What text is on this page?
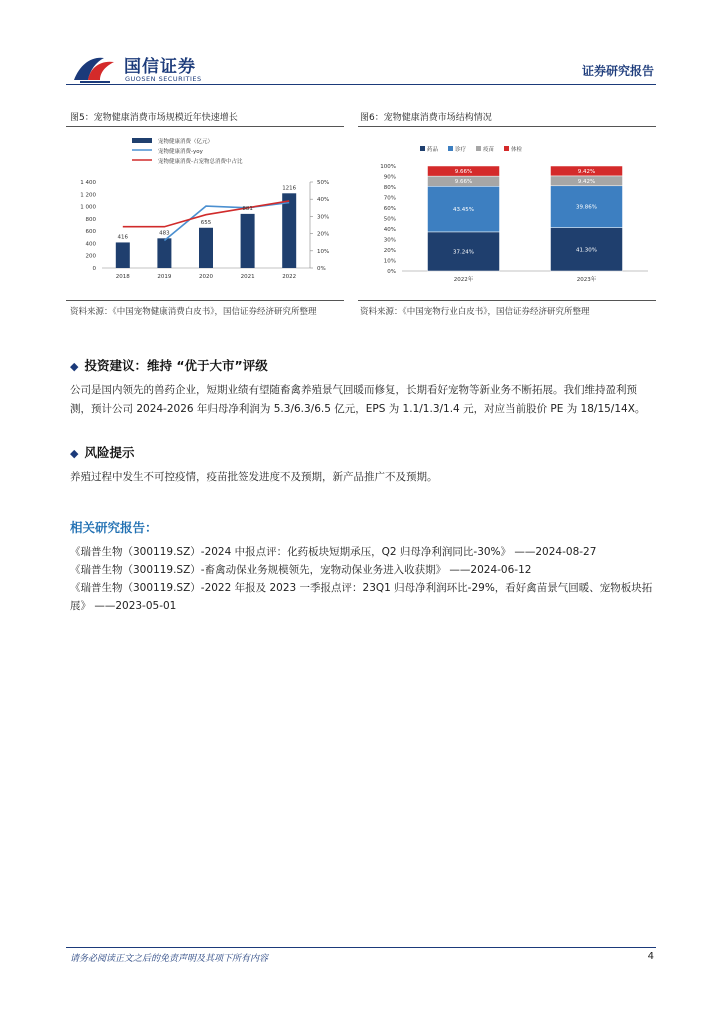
国信证券
GUOSEN SECURITIES
证券研究报告
图5：宠物健康消费市场规模近年快速增长
宠物健康消费（亿元）
宠物健康消费-yoy
宠物健康消费-占宠物总消费中占比
0
200
400
600
800
1 000
1 200
1 400
0%
10%
20%
30%
40%
50%
2018	2019	2020	2021	2022
416
483
655
881
1216
资料来源：《中国宠物健康消费白皮书》，国信证券经济研究所整理
图6：宠物健康消费市场结构情况
药品	诊疗	疫苗	体检
0%
10%
20%
30%
40%
50%
60%
70%
80%
90%
100%
2022年	2023年
37.24%
43.45%
9.66%
9.66%
41.30%
39.86%
9.42%
9.42%
资料来源：《中国宠物行业白皮书》，国信证券经济研究所整理
◆ 投资建议：维持 “优于大市”评级
公司是国内领先的兽药企业，短期业绩有望随畜禽养殖景气回暖而修复，长期看好宠物等新业务不断拓展。我们维持盈利预测，预计公司 2024-2026 年归母净利润为 5.3/6.3/6.5 亿元，EPS 为 1.1/1.3/1.4 元，对应当前股价 PE 为 18/15/14X。
◆ 风险提示
养殖过程中发生不可控疫情，疫苗批签发进度不及预期，新产品推广不及预期。
相关研究报告：
《瑞普生物（300119.SZ）-2024 中报点评：化药板块短期承压，Q2 归母净利润同比-30%》 ——2024-08-27
《瑞普生物（300119.SZ）-畜禽动保业务规模领先，宠物动保业务进入收获期》 ——2024-06-12
《瑞普生物（300119.SZ）-2022 年报及 2023 一季报点评：23Q1 归母净利润环比-29%，看好禽苗景气回暖、宠物板块拓展》 ——2023-05-01
请务必阅读正文之后的免责声明及其项下所有内容	4
